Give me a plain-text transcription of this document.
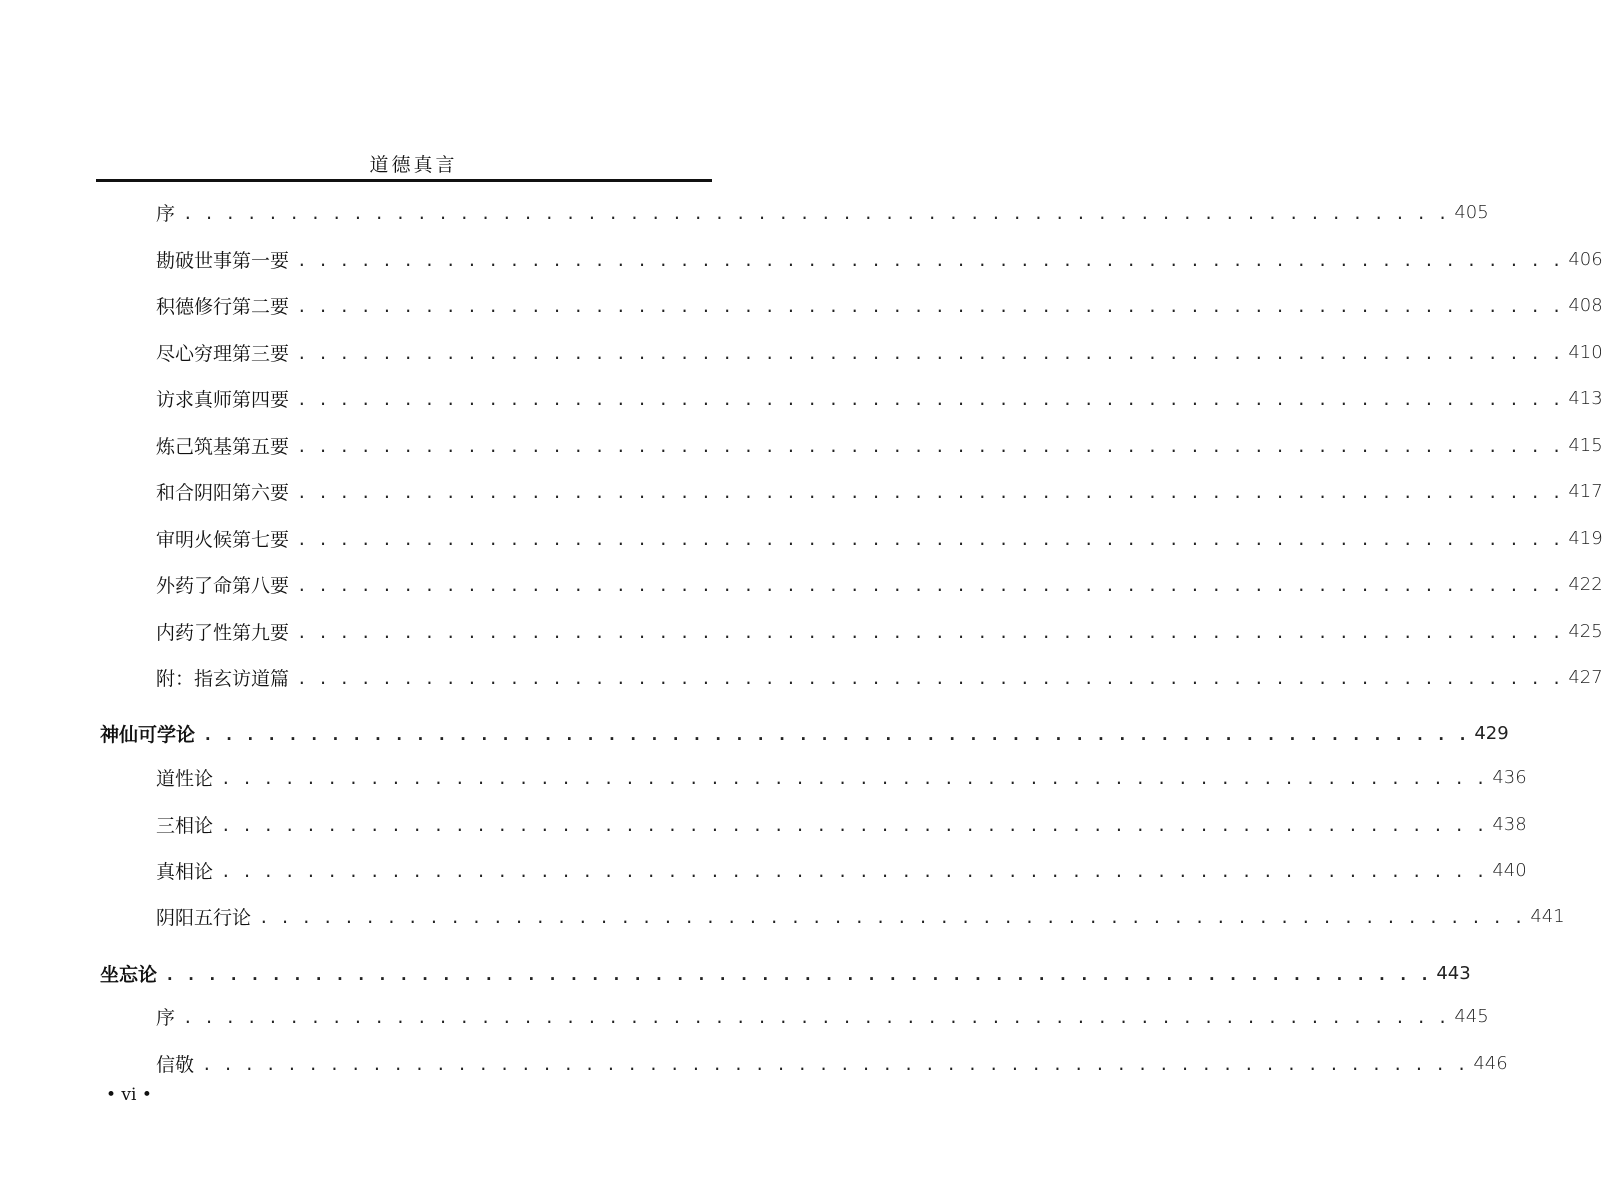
道德真言
序 . . . . . . . . . . . . . . . . . . . . . . . . . . . . . . . . . . . . . . . . . . . . . . . . . . . . . . . . . . . . 405
勘破世事第一要 . . . . . . . . . . . . . . . . . . . . . . . . . . . . . . . . . . . . . . . . . . . . . . . . . . . . . . . . . . . . 406
积德修行第二要 . . . . . . . . . . . . . . . . . . . . . . . . . . . . . . . . . . . . . . . . . . . . . . . . . . . . . . . . . . . . 408
尽心穷理第三要 . . . . . . . . . . . . . . . . . . . . . . . . . . . . . . . . . . . . . . . . . . . . . . . . . . . . . . . . . . . . 410
访求真师第四要 . . . . . . . . . . . . . . . . . . . . . . . . . . . . . . . . . . . . . . . . . . . . . . . . . . . . . . . . . . . . 413
炼己筑基第五要 . . . . . . . . . . . . . . . . . . . . . . . . . . . . . . . . . . . . . . . . . . . . . . . . . . . . . . . . . . . . 415
和合阴阳第六要 . . . . . . . . . . . . . . . . . . . . . . . . . . . . . . . . . . . . . . . . . . . . . . . . . . . . . . . . . . . . 417
审明火候第七要 . . . . . . . . . . . . . . . . . . . . . . . . . . . . . . . . . . . . . . . . . . . . . . . . . . . . . . . . . . . . 419
外药了命第八要 . . . . . . . . . . . . . . . . . . . . . . . . . . . . . . . . . . . . . . . . . . . . . . . . . . . . . . . . . . . . 422
内药了性第九要 . . . . . . . . . . . . . . . . . . . . . . . . . . . . . . . . . . . . . . . . . . . . . . . . . . . . . . . . . . . . 425
附：指玄访道篇 . . . . . . . . . . . . . . . . . . . . . . . . . . . . . . . . . . . . . . . . . . . . . . . . . . . . . . . . . . . . 427
神仙可学论 . . . . . . . . . . . . . . . . . . . . . . . . . . . . . . . . . . . . . . . . . . . . . . . . . . . . . . . . . . . . 429
道性论 . . . . . . . . . . . . . . . . . . . . . . . . . . . . . . . . . . . . . . . . . . . . . . . . . . . . . . . . . . . . 436
三相论 . . . . . . . . . . . . . . . . . . . . . . . . . . . . . . . . . . . . . . . . . . . . . . . . . . . . . . . . . . . . 438
真相论 . . . . . . . . . . . . . . . . . . . . . . . . . . . . . . . . . . . . . . . . . . . . . . . . . . . . . . . . . . . . 440
阴阳五行论 . . . . . . . . . . . . . . . . . . . . . . . . . . . . . . . . . . . . . . . . . . . . . . . . . . . . . . . . . . . . 441
坐忘论 . . . . . . . . . . . . . . . . . . . . . . . . . . . . . . . . . . . . . . . . . . . . . . . . . . . . . . . . . . . . 443
序 . . . . . . . . . . . . . . . . . . . . . . . . . . . . . . . . . . . . . . . . . . . . . . . . . . . . . . . . . . . . 445
信敬 . . . . . . . . . . . . . . . . . . . . . . . . . . . . . . . . . . . . . . . . . . . . . . . . . . . . . . . . . . . . 446
• vi •
